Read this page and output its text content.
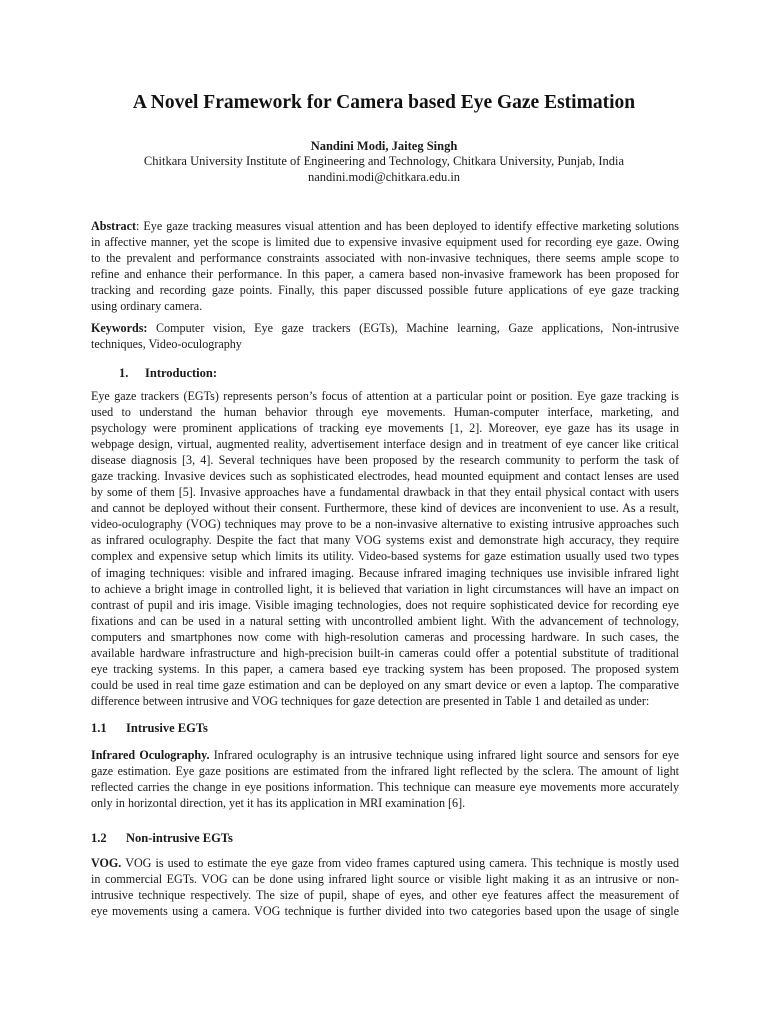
A Novel Framework for Camera based Eye Gaze Estimation
Nandini Modi, Jaiteg Singh
Chitkara University Institute of Engineering and Technology, Chitkara University, Punjab, India
nandini.modi@chitkara.edu.in
Abstract: Eye gaze tracking measures visual attention and has been deployed to identify effective marketing solutions
in affective manner, yet the scope is limited due to expensive invasive equipment used for recording eye gaze. Owing
to the prevalent and performance constraints associated with non-invasive techniques, there seems ample scope to
refine and enhance their performance. In this paper, a camera based non-invasive framework has been proposed for
tracking and recording gaze points. Finally, this paper discussed possible future applications of eye gaze tracking
using ordinary camera.
Keywords: Computer vision, Eye gaze trackers (EGTs), Machine learning, Gaze applications, Non-intrusive
techniques, Video-oculography
1. Introduction:
Eye gaze trackers (EGTs) represents person’s focus of attention at a particular point or position. Eye gaze tracking is
used to understand the human behavior through eye movements. Human-computer interface, marketing, and
psychology were prominent applications of tracking eye movements [1, 2]. Moreover, eye gaze has its usage in
webpage design, virtual, augmented reality, advertisement interface design and in treatment of eye cancer like critical
disease diagnosis [3, 4]. Several techniques have been proposed by the research community to perform the task of
gaze tracking. Invasive devices such as sophisticated electrodes, head mounted equipment and contact lenses are used
by some of them [5]. Invasive approaches have a fundamental drawback in that they entail physical contact with users
and cannot be deployed without their consent. Furthermore, these kind of devices are inconvenient to use. As a result,
video-oculography (VOG) techniques may prove to be a non-invasive alternative to existing intrusive approaches such
as infrared oculography. Despite the fact that many VOG systems exist and demonstrate high accuracy, they require
complex and expensive setup which limits its utility. Video-based systems for gaze estimation usually used two types
of imaging techniques: visible and infrared imaging. Because infrared imaging techniques use invisible infrared light
to achieve a bright image in controlled light, it is believed that variation in light circumstances will have an impact on
contrast of pupil and iris image. Visible imaging technologies, does not require sophisticated device for recording eye
fixations and can be used in a natural setting with uncontrolled ambient light. With the advancement of technology,
computers and smartphones now come with high-resolution cameras and processing hardware. In such cases, the
available hardware infrastructure and high-precision built-in cameras could offer a potential substitute of traditional
eye tracking systems. In this paper, a camera based eye tracking system has been proposed. The proposed system
could be used in real time gaze estimation and can be deployed on any smart device or even a laptop. The comparative
difference between intrusive and VOG techniques for gaze detection are presented in Table 1 and detailed as under:
1.1 Intrusive EGTs
Infrared Oculography. Infrared oculography is an intrusive technique using infrared light source and sensors for eye
gaze estimation. Eye gaze positions are estimated from the infrared light reflected by the sclera. The amount of light
reflected carries the change in eye positions information. This technique can measure eye movements more accurately
only in horizontal direction, yet it has its application in MRI examination [6].
1.2 Non-intrusive EGTs
VOG. VOG is used to estimate the eye gaze from video frames captured using camera. This technique is mostly used
in commercial EGTs. VOG can be done using infrared light source or visible light making it as an intrusive or non-
intrusive technique respectively. The size of pupil, shape of eyes, and other eye features affect the measurement of
eye movements using a camera. VOG technique is further divided into two categories based upon the usage of single
